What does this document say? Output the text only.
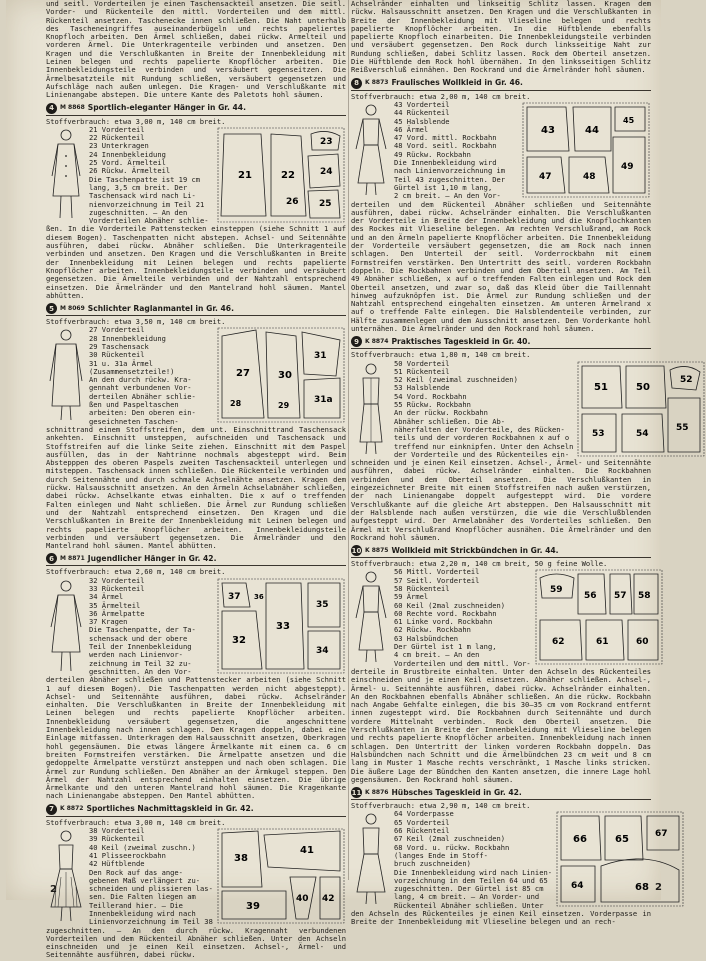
und seitl. Vorderteilen je einen Taschensackteil ansetzen. Die seitl. Vorder- und Rückenteile den mittl. Vorderteilen und dem mittl. Rückenteil ansetzen. Taschenecke innen schließen. Die Naht unterhalb des Tascheneingriffes auseinanderbügeln und rechts papeliertes Knopfloch arbeiten. Den Ärmel schließen, dabei rückw. Armelteil und vorderen Ärmel. Die Unterkragenteile verbinden und ansetzen. Den Kragen und die Verschlußkanten in Breite der Innenbekleidung mit Leinen belegen und rechts papelierte Knopflöcher arbeiten. Die Innenbekleidungsteile verbinden und versäubert gegenseitzen. Die Ärmelbesatzteile mit Rundung schließen, versäubert gegensetzen und Aufschläge nach außen umlegen. Die Kragen- und Verschlußkante mit Linienangabe abstepen. Die untere Kante des Paletots hohl säumen.

4	M 8868 Sportlich-eleganter Hänger in Gr. 44.
Stoffverbrauch: etwa 3,00 m, 140 cm breit.
21 Vorderteil
22 Rückenteil
23 Unterkragen
24 Innenbekleidung
25 Vord. Ärmelteil
26 Rückw. Ärmelteil
Die Taschenpatte ist 19 cm
lang, 3,5 cm breit. Der
Taschensack wird nach Li-
nienvorzeichnung im Teil 21
zugeschnitten. — An den
Vorderteilen Abnäher schlie-
23
24
21
25
22
26

ßen. In die Vorderteile Pattenstecken einsteppen (siehe Schnitt 1 auf diesem Bogen). Taschenpatten nicht abstepen. Achsel- und Seitennähte ausführen, dabei rückw. Abnäher schließen. Die Unterkragenteile verbinden und ansetzen. Den Kragen und die Verschlußkanten in Breite der Innenbekleidung mit Leinen belegen und rechts papelierte Knopflöcher arbeiten. Innenbekleidungsteile verbinden und versäubert gegensetzen. Die Ärmelteile verbinden und der Nahtzahl entsprechend einsetzen. Die Ärmelränder und den Mantelrand hohl säumen. Mantel abhütten.

5	M 8069 Schlichter Raglanmantel in Gr. 46.
Stoffverbrauch: etwa 3,50 m, 140 cm breit.
27 Vorderteil
28 Innenbekleidung
29 Taschensack
30 Rückenteil
31 u. 31a Ärmel
(Zusammensetzteile!)
An den durch rückw. Kra-
gennaht verbundenen Vor-
derteilen Abnäher schlie-
ßen und Paspeltaschen
arbeiten: Den oberen ein-
geseichneten Taschen-
27
31
31a
28
30
29

schnittrand einem Stoffstreifen, dem unt. Einschnittrand Taschensack ankehten. Einschnitt umsteppen, aufschneiden und Taschensack und Stoffstreifen auf die linke Seite ziehen. Einschnitt mit dem Paspel ausfüllen, das in der Nahtrinne nochmals abgesteppt wird. Beim Abstepppen des oberen Paspels zweiten Taschensackteil unterlegen und mitsteppen. Taschensack innen schließen. Die Rückenteile verbinden und durch Seitennähte und durch schmale Achselnähte ansetzen. Kragen dem rückw. Halsausschnitt ansetzen. An den Ärmeln Achselabnäher schließen, dabei rückw. Achselkante etwas einhalten. Die x auf o treffenden Falten einlegen und Naht schließen. Die Ärmel zur Rundung schließen und der Nahtzahl entsprechend einsetzen. Den Kragen und die Verschlußkanten in Breite der Innenbekleidung mit Leinen belegen und rechts papelierte Knopflöcher arbeiten. Innenbekleidungsteile verbinden und versäubert gegensetzen. Die Ärmelränder und den Mantelrand hohl säumen. Mantel abhütten.

6	M 8871 Jugendlicher Hänger in Gr. 42.
Stoffverbrauch: etwa 2,60 m, 140 cm breit.
32 Vorderteil
33 Rückenteil
34 Ärmel
35 Ärmelteil
36 Ärmelpatte
37 Kragen
Die Taschenpatte, der Ta-
schensack und der obere
Teil der Innenbekleidung
werden nach Linienvor-
zeichnung im Teil 32 zu-
geschnitten. An den Vor-
37
32
36
33
35
34

derteilen Abnäher schließen und Pattenstecker arbeiten (siehe Schnitt 1 auf diesem Bogen). Die Taschenpatten werden nicht abgesteppt). Achsel- und Seitennähte ausführen, dabei rückw. Achselränder einhalten. Die Verschlußkanten in Breite der Innenbekleidung mit Leinen belegen und rechts papelierte Knopflöcher arbeiten. Innenbekleidung versäubert gegensetzen, die angeschnittene Innenbekleidung nach innen schlagen. Den Kragen doppeln, dabei eine Einlage mitfassen. Unterkragen dem Halsausschnitt ansetzen, Oberkragen hohl gegensäumen. Die etwas längere Ärmelkante mit einem ca. 6 cm breiten Formstreifen verstärken. Die Ärmelpatte ansetzen und die gedoppelte Ärmelpatte verstürzt ansteppen und nach oben schlagen. Die Ärmel zur Rundung schließen. Den Abnäher an der Ärmkugel steppen. Den Ärmel der Nahtzahl entsprechend einhalten einsetzen. Die übrige Ärmelkante und den unteren Mantelrand hohl säumen. Die Kragenkante nach Linienangabe absteppen. Den Mantel abhütten.

7	K 8872 Sportliches Nachmittagskleid in Gr. 42.
Stoffverbrauch: etwa 3,00 m, 140 cm breit.
38 Vorderteil
39 Rückenteil
40 Keil (zweimal zuschn.)
41 Plisseerockbahn
42 Hüftblende
Den Rock auf das ange-
gebenen Maß verlängert zu-
schneiden und plissieren las-
sen. Die Falten liegen am
Teillerand hier. — Die
Innenbekleidung wird nach
Linienvorzeichnung im Teil 38
38
41
39
40 42

zugeschnitten. — An den durch rückw. Kragennaht verbundenen Vorderteilen und dem Rückenteil Abnäher schließen. Unter den Achseln einschneiden und je einen Keil einsetzen. Achsel-, Ärmel- und Seitennähte ausführen, dabei rückw.

Achselränder einhalten und linkseitig Schlitz lassen. Kragen dem rückw. Halsausschnitt ansetzen. Den Kragen und die Verschlußkanten in Breite der Innenbekleidung mit Vlieseline belegen und rechts papelierte Knopflöcher arbeiten. In die Hüftblende ebenfalls papelierte Knopfloch einarbeiten. Die Innenbekleidungsteile verbinden und versäubert gegensetzen. Den Rock durch linksseitige Naht zur Rundung schließen, dabei Schlitz lassen. Rock dem Oberteil ansetzen. Die Hüftblende dem Rock hohl übernähen. In den linksseitigen Schlitz Reißverschluß einnähen. Den Rockrand und die Ärmelränder hohl säumen.

8	K 8873 Fraulisches Wollkleid in Gr. 46.
Stoffverbrauch: etwa 2,00 m, 140 cm breit.
43 Vorderteil
44 Rückenteil
45 Halsblende
46 Ärmel
47 Vord. mittl. Rockbahn
48 Vord. seitl. Rockbahn
49 Rückw. Rockbahn
Die Innenbekleidung wird
nach Linienvorzeichnung im
Teil 43 zugeschnitten. Der
Gürtel ist 1,10 m lang,
2 cm breit. — An den Vor-
43	44
45
47	48
49

derteilen und dem Rückenteil Abnäher schließen und Seitennähte ausführen, dabei rückw. Achselränder einhalten. Die Verschlußkanten der Vorderteile in Breite der Innenbekleidung und die Knopflochkanten des Rockes mit Vlieseline belegen. Am rechten Verschlußrand, am Rock und an den Ärmeln papelierte Knopflöcher arbeiten. Die Innenbekleidung der Vorderteile versäubert gegensetzen, die am Rock nach innen schlagen. Den Unterteil der seitl. Vorderrockbahn mit einem Formstreifen verstärken. Den Untertritt des seitl. vorderen Rockbahn doppeln. Die Rockbahnen verbinden und dem Oberteil ansetzen. Am Teil 49 Abnäher schließen, x auf o treffenden Falten einlegen und Rock dem Oberteil ansetzen, und zwar so, daß das Kleid über die Taillennaht hinweg aufzuknöpfen ist. Die Ärmel zur Rundung schließen und der Nahtzahl entsprechend eingehalten einsetzen. Am unteren Ärmelrand x auf o treffende Falte einlegen. Die Halsblendenteile verbinden, zur Hälfte zusammenlegen und dem Ausschnitt ansetzen. Den Vorderkante hohl unternähen. Die Ärmelränder und den Rockrand hohl säumen.

9	K 8874 Praktisches Tageskleid in Gr. 40.
Stoffverbrauch: etwa 1,80 m, 140 cm breit.
50 Vorderteil
51 Rückenteil
52 Keil (zweimal zuschneiden)
53 Halsblende
54 Vord. Rockbahn
55 Rückw. Rockbahn
An der rückw. Rockbahn
Abnäher schließen. Die Ab-
näherfalten der Vorderteile, des Rücken-
teils und der vorderen Rockbahnen x auf o
treffend nur einknipfen. Unter den Achseln
der Vorderteile und des Rückenteiles ein-
51	50
52
53	54
55

schneiden und je einen Keil einsetzen. Achsel-, Ärmel- und Seitennähte ausführen, dabei rückw. Achselränder einhalten. Die Rockbahnen verbinden und dem Oberteil ansetzen. Die Verschlußkanten in eingezeichneter Breite mit einem Stoffstreifen nach außen verstürzen, der nach Linienangabe doppelt aufgesteppt wird. Die vordere Verschlußkante auf die gleiche Art absteppen. Den Halsausschnitt mit der Halsblende nach außen verstürzen, die wie die Verschlußblenden aufgesteppt wird. Der Armelabnäher des Vorderteiles schließen. Den Ärmel mit Verschlußrand Knopflöcher ausnähen. Die Ärmelränder und den Rockrand hohl säumen.

10 K 8875 Wollkleid mit Strickbündchen in Gr. 44.
Stoffverbrauch: etwa 2,20 m, 140 cm breit, 50 g feine Wolle.
56 Mittl. Vorderteil
57 Seitl. Vorderteil
58 Rückenteil
59 Ärmel
60 Keil (2mal zuschneiden)
60 Rechte vord. Rockbahn
61 Linke vord. Rockbahn
62 Rückw. Rockbahn
63 Halsbündchen
Der Gürtel ist 1 m lang,
4 cm breit. — An den
Vorderteilen und dem mittl. Vor-
59
56 57 58
62	61	60

derteile in Brustbreite einhalten. Unter den Achseln des Rückenteiles einschneiden und je einen Keil einsetzen. Abnäher schließen. Achsel-, Ärmel- u. Seitennähte ausführen, dabei rückw. Achselränder einhalten. An den Rockbahnen ebenfalls Abnäher schließen. An die rückw. Rockbahn nach Angabe Gehfalte einlegen, die bis 30—35 cm vom Rockrand entfernt innen zugesteppt wird. Die Rockbahnen durch Seitennähte und durch vordere Mittelnaht verbinden. Rock dem Oberteil ansetzen. Die Verschlußkanten in Breite der Innenbekleidung mit Vlieseline belegen und rechts papelierte Knopflöcher arbeiten. Innenbekleidung nach innen schlagen. Den Untertritt der linken vorderen Rockbahn doppeln. Das Halsbündchen nach Schnitt und die Ärmelbündchen 23 cm weit und 8 cm lang im Muster 1 Masche rechts verschränkt, 1 Masche links stricken. Die äußere Lage der Bündchen den Kanten ansetzen, die innere Lage hohl gegensäumen. Den Rockrand hohl säumen.

11 K 8876 Hübsches Tageskleid in Gr. 42.
Stoffverbrauch: etwa 2,90 m, 140 cm breit.
64 Vorderpasse
65 Vorderteil
66 Rückenteil
67 Keil (2mal zuschneiden)
68 Vord. u. rückw. Rockbahn
(langes Ende im Stoff-
bruch zuschneiden)
Die Innenbekleidung wird nach Linien-
vorzeichnung in dem Teilen 64 und 65
zugeschnitten. Der Gürtel ist 85 cm
lang, 4 cm breit. — An Vorder- und
Rückenteil Abnäher schließen. Unter
66	65	67
64	68

den Achseln des Rückenteiles je einen Keil einsetzen. Vorderpasse in Breite der Innenbekleidung mit Vlieseline belegen und an rech-

2	2
